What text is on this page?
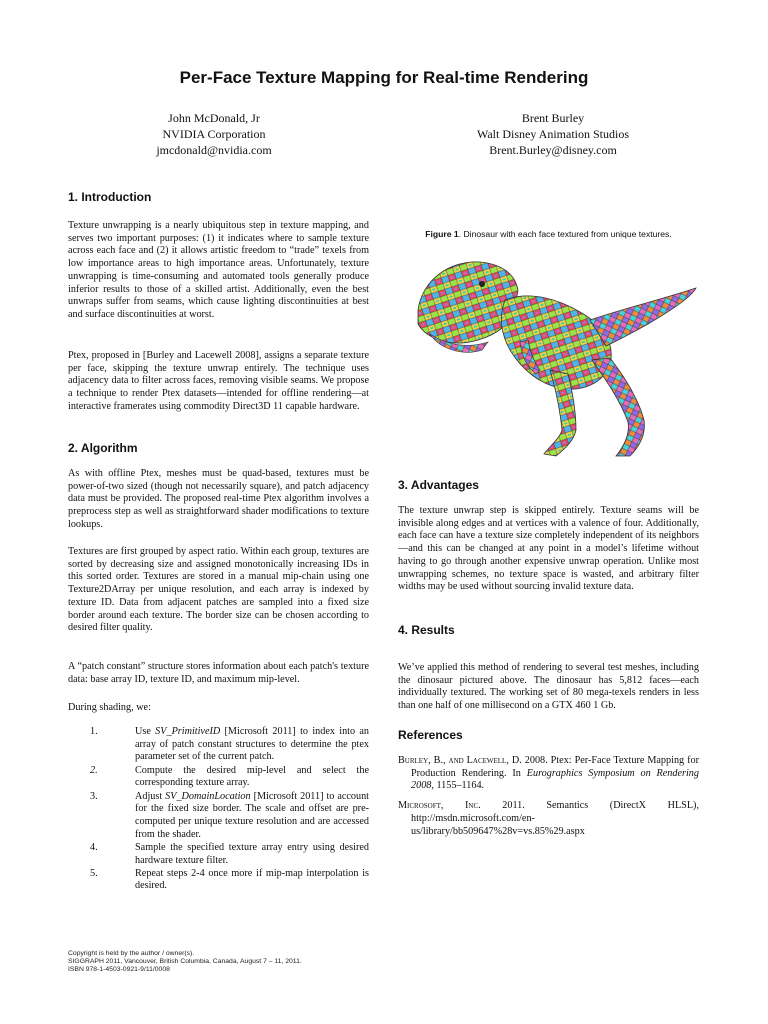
Per-Face Texture Mapping for Real-time Rendering
John McDonald, Jr
NVIDIA Corporation
jmcdonald@nvidia.com
Brent Burley
Walt Disney Animation Studios
Brent.Burley@disney.com
1. Introduction

Texture unwrapping is a nearly ubiquitous step in texture mapping, and serves two important purposes: (1) it indicates where to sample texture across each face and (2) it allows artistic freedom to “trade” texels from low importance areas to high importance areas. Unfortunately, texture unwrapping is time-consuming and automated tools generally produce inferior results to those of a skilled artist. Additionally, even the best unwraps suffer from seams, which cause lighting discontinuities at best and surface discontinuities at worst.

Ptex, proposed in [Burley and Lacewell 2008], assigns a separate texture per face, skipping the texture unwrap entirely. The technique uses adjacency data to filter across faces, removing visible seams. We propose a technique to render Ptex datasets—intended for offline rendering—at interactive framerates using commodity Direct3D 11 capable hardware.

2. Algorithm

As with offline Ptex, meshes must be quad-based, textures must be power-of-two sized (though not necessarily square), and patch adjacency data must be provided. The proposed real-time Ptex algorithm involves a preprocess step as well as straightforward shader modifications to texture lookups.

Textures are first grouped by aspect ratio. Within each group, textures are sorted by decreasing size and assigned monotonically increasing IDs in this sorted order. Textures are stored in a manual mip-chain using one Texture2DArray per unique resolution, and each array is indexed by texture ID. Data from adjacent patches are sampled into a fixed size border around each texture. The border size can be chosen according to desired filter quality.

A “patch constant” structure stores information about each patch's texture data: base array ID, texture ID, and maximum mip-level.

During shading, we:

1.	Use SV_PrimitiveID [Microsoft 2011] to index into an array of patch constant structures to determine the ptex parameter set of the current patch.
2.	Compute the desired mip-level and select the corresponding texture array.
3.	Adjust SV_DomainLocation [Microsoft 2011] to account for the fixed size border. The scale and offset are pre-computed per unique texture resolution and are accessed from the shader.
4.	Sample the specified texture array entry using desired hardware texture filter.
5.	Repeat steps 2-4 once more if mip-map interpolation is desired.
Figure 1. Dinosaur with each face textured from unique textures.
3. Advantages

The texture unwrap step is skipped entirely. Texture seams will be invisible along edges and at vertices with a valence of four. Additionally, each face can have a texture size completely independent of its neighbors—and this can be changed at any point in a model’s lifetime without having to go through another expensive unwrap operation. Unlike most unwrapping schemes, no texture space is wasted, and arbitrary filter widths may be used without sourcing invalid texture data.

4. Results

We’ve applied this method of rendering to several test meshes, including the dinosaur pictured above. The dinosaur has 5,812 faces—each individually textured. The working set of 80 mega-texels renders in less than one half of one millisecond on a GTX 460 1 Gb.

References

Burley, B., and Lacewell, D. 2008. Ptex: Per-Face Texture Mapping for Production Rendering. In Eurographics Symposium on Rendering 2008, 1155–1164.

Microsoft, Inc. 2011. Semantics (DirectX HLSL), http://msdn.microsoft.com/en-us/library/bb509647%28v=vs.85%29.aspx

Copyright is held by the author / owner(s).
SIGGRAPH 2011, Vancouver, British Columbia, Canada, August 7 – 11, 2011.
ISBN 978-1-4503-0921-9/11/0008
